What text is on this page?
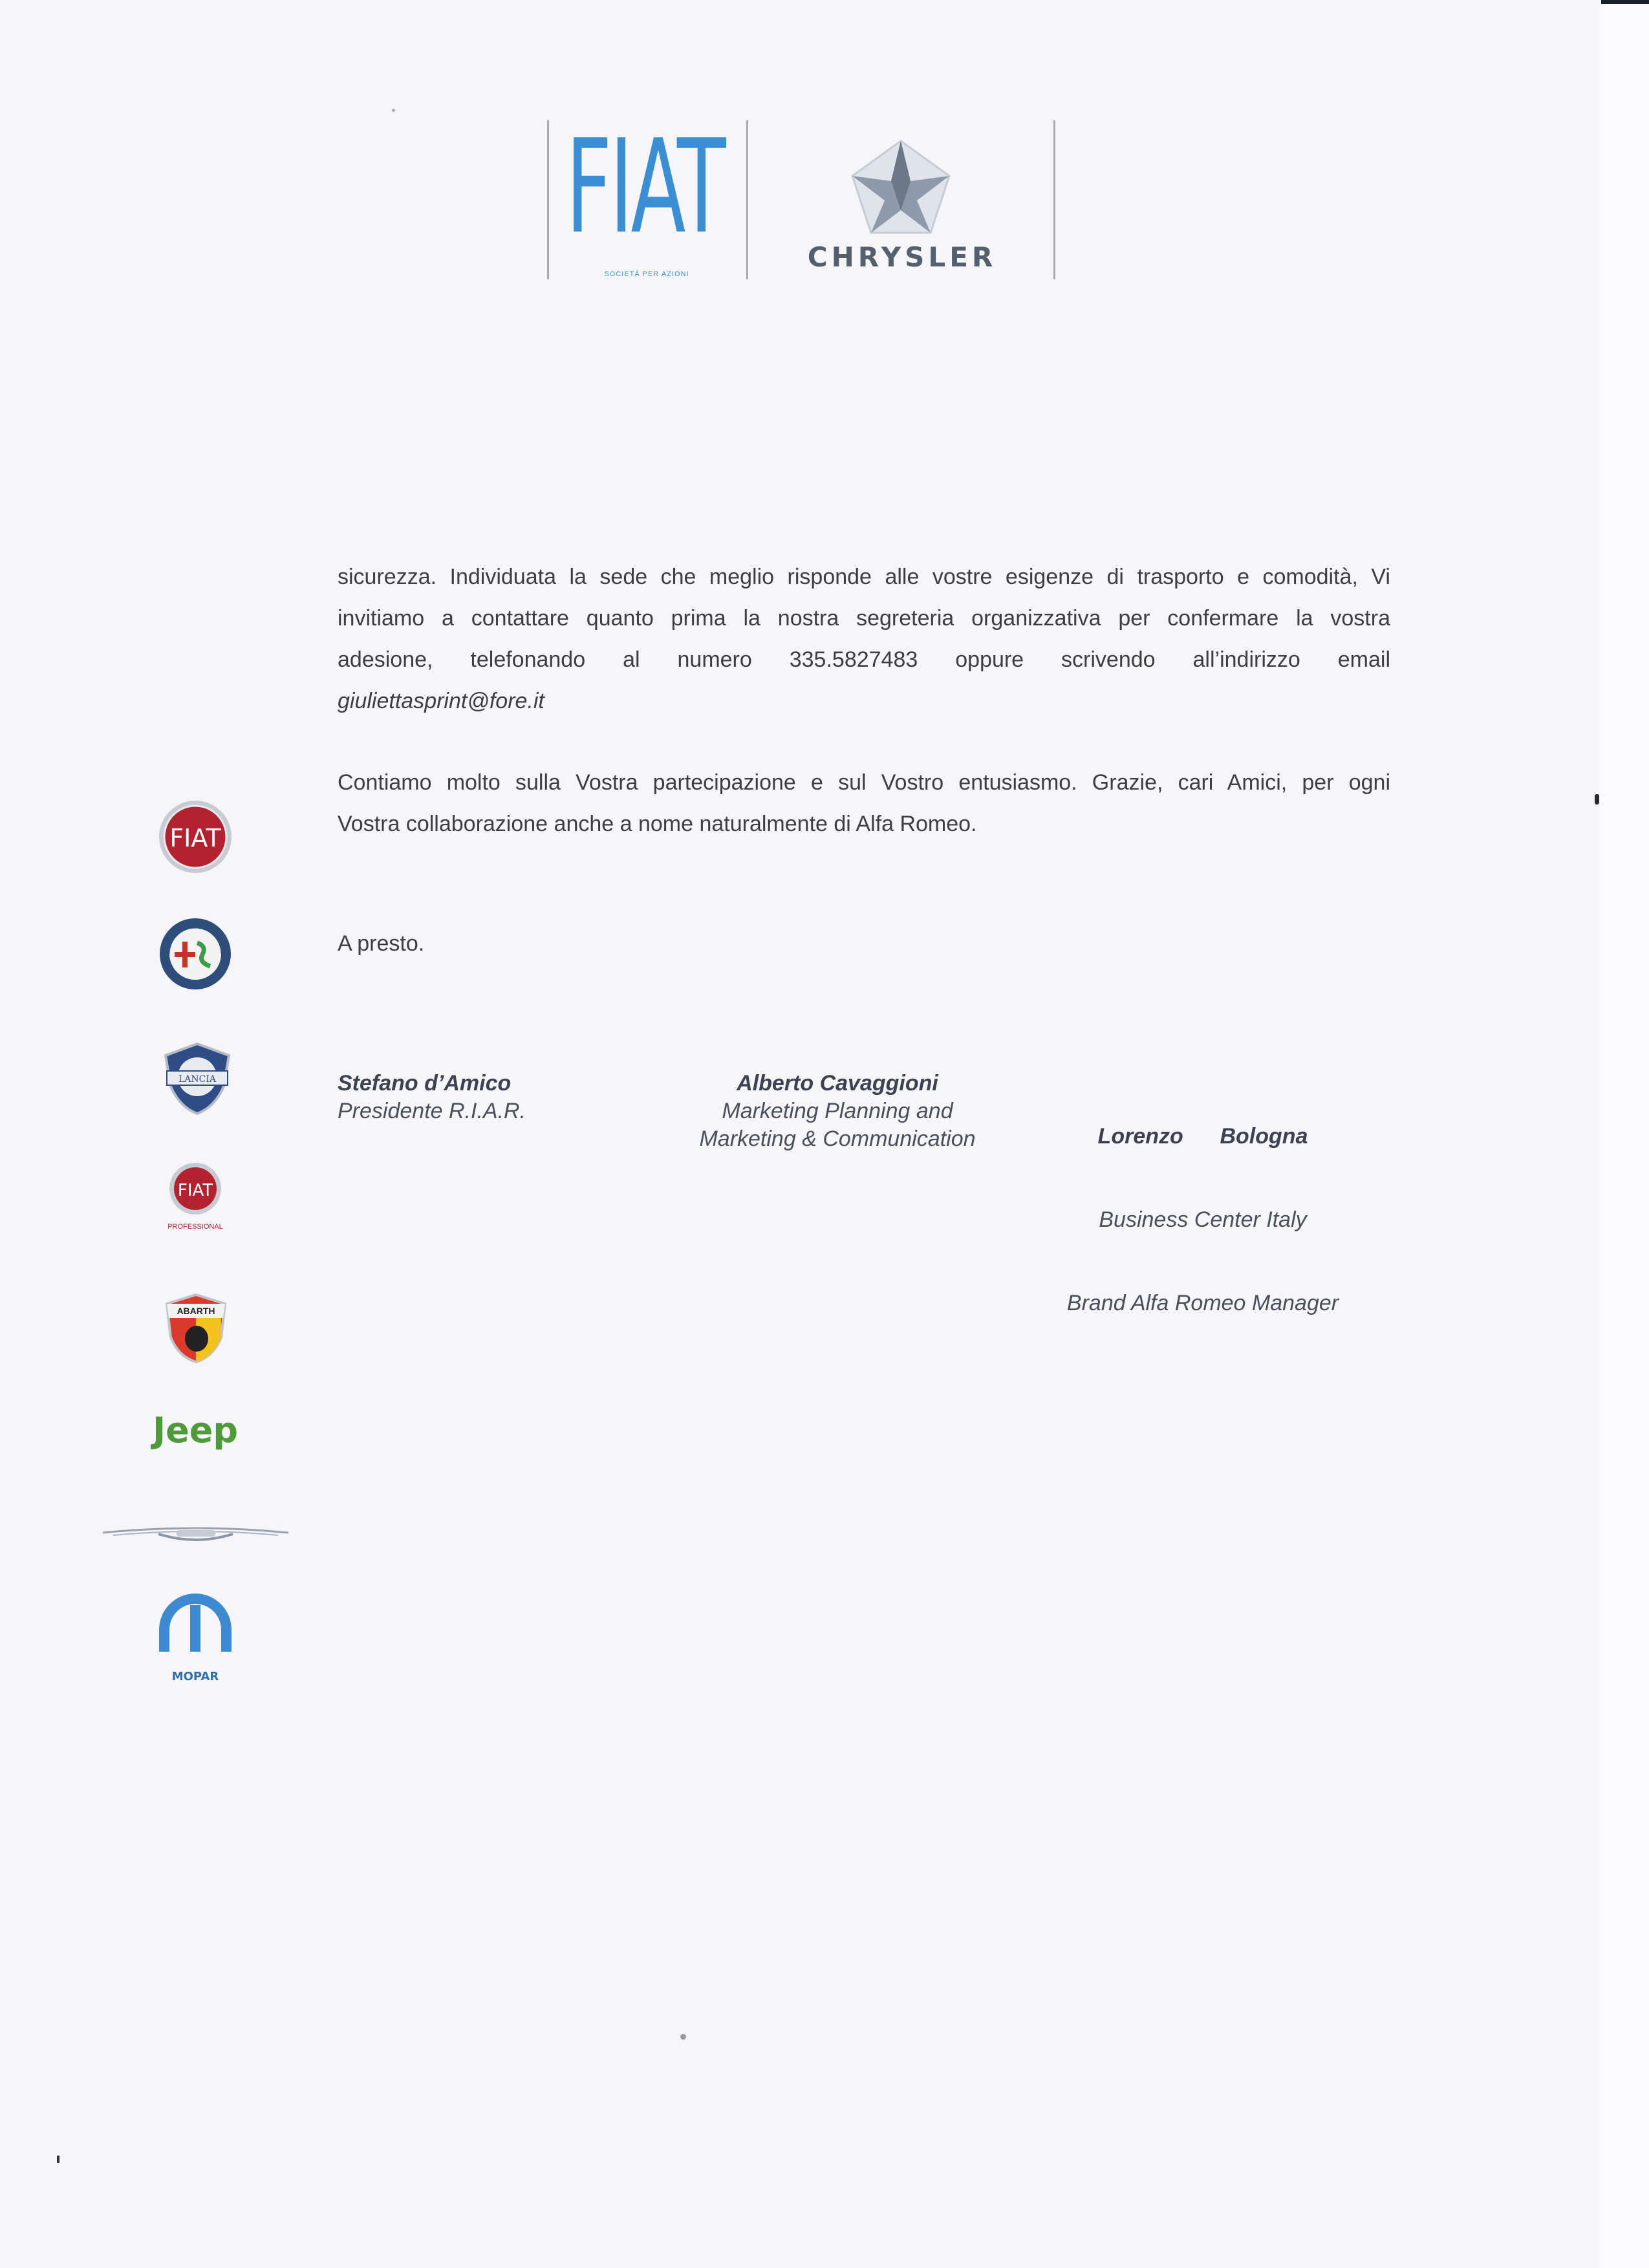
FIAT
SOCIETÀ PER AZIONI
CHRYSLER
FIAT
LANCIA
FIAT
PROFESSIONAL
ABARTH
Jeep
MOPAR
sicurezza. Individuata la sede che meglio risponde alle vostre esigenze di trasporto e comodità, Vi
invitiamo a contattare quanto prima la nostra segreteria organizzativa per confermare la vostra
adesione, telefonando al numero 335.5827483 oppure scrivendo all’indirizzo email
giuliettasprint@fore.it
Contiamo molto sulla Vostra partecipazione e sul Vostro entusiasmo. Grazie, cari Amici, per ogni
Vostra collaborazione anche a nome naturalmente di Alfa Romeo.
A presto.
Stefano d’Amico
Presidente R.I.A.R.
Alberto Cavaggioni
Marketing Planning and
Marketing & Communication

	Lorenzo      Bologna

Business Center Italy

Brand Alfa Romeo Manager
